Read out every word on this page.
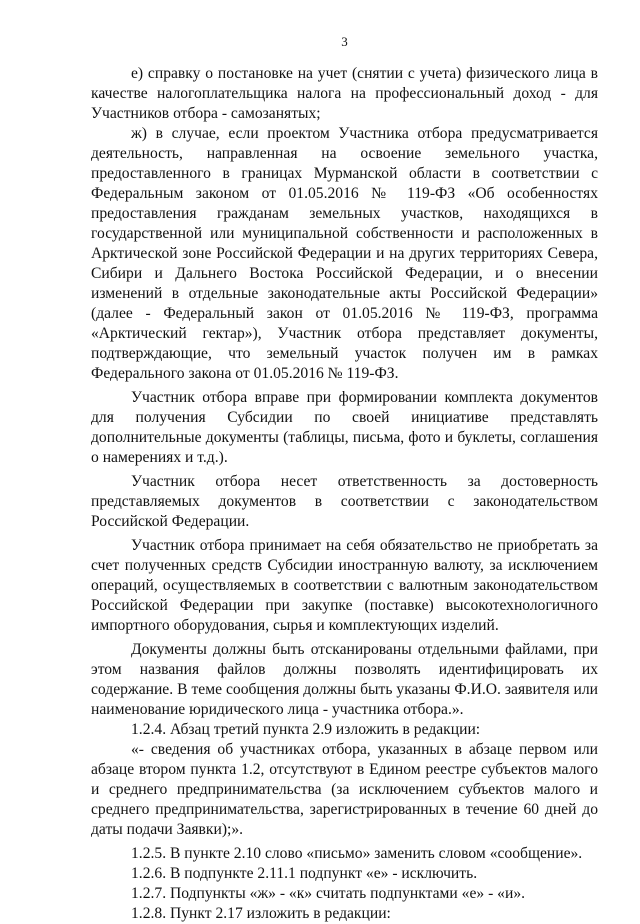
3

е) справку о постановке на учет (снятии с учета) физического лица в качестве налогоплательщика налога на профессиональный доход - для Участников отбора - самозанятых;

ж) в случае, если проектом Участника отбора предусматривается деятельность, направленная на освоение земельного участка, предоставленного в границах Мурманской области в соответствии с Федеральным законом от 01.05.2016 № 119-ФЗ «Об особенностях предоставления гражданам земельных участков, находящихся в государственной или муниципальной собственности и расположенных в Арктической зоне Российской Федерации и на других территориях Севера, Сибири и Дальнего Востока Российской Федерации, и о внесении изменений в отдельные законодательные акты Российской Федерации» (далее - Федеральный закон от 01.05.2016 № 119-ФЗ, программа «Арктический гектар»), Участник отбора представляет документы, подтверждающие, что земельный участок получен им в рамках Федерального закона от 01.05.2016 № 119-ФЗ.

Участник отбора вправе при формировании комплекта документов для получения Субсидии по своей инициативе представлять дополнительные документы (таблицы, письма, фото и буклеты, соглашения о намерениях и т.д.).

Участник отбора несет ответственность за достоверность представляемых документов в соответствии с законодательством Российской Федерации.

Участник отбора принимает на себя обязательство не приобретать за счет полученных средств Субсидии иностранную валюту, за исключением операций, осуществляемых в соответствии с валютным законодательством Российской Федерации при закупке (поставке) высокотехнологичного импортного оборудования, сырья и комплектующих изделий.

Документы должны быть отсканированы отдельными файлами, при этом названия файлов должны позволять идентифицировать их содержание. В теме сообщения должны быть указаны Ф.И.О. заявителя или наименование юридического лица - участника отбора.».

1.2.4. Абзац третий пункта 2.9 изложить в редакции:

«- сведения об участниках отбора, указанных в абзаце первом или абзаце втором пункта 1.2, отсутствуют в Едином реестре субъектов малого и среднего предпринимательства (за исключением субъектов малого и среднего предпринимательства, зарегистрированных в течение 60 дней до даты подачи Заявки);».

1.2.5. В пункте 2.10 слово «письмо» заменить словом «сообщение».

1.2.6. В подпункте 2.11.1 подпункт «е» - исключить.

1.2.7. Подпункты «ж» - «к» считать подпунктами «е» - «и».

1.2.8. Пункт 2.17 изложить в редакции:
